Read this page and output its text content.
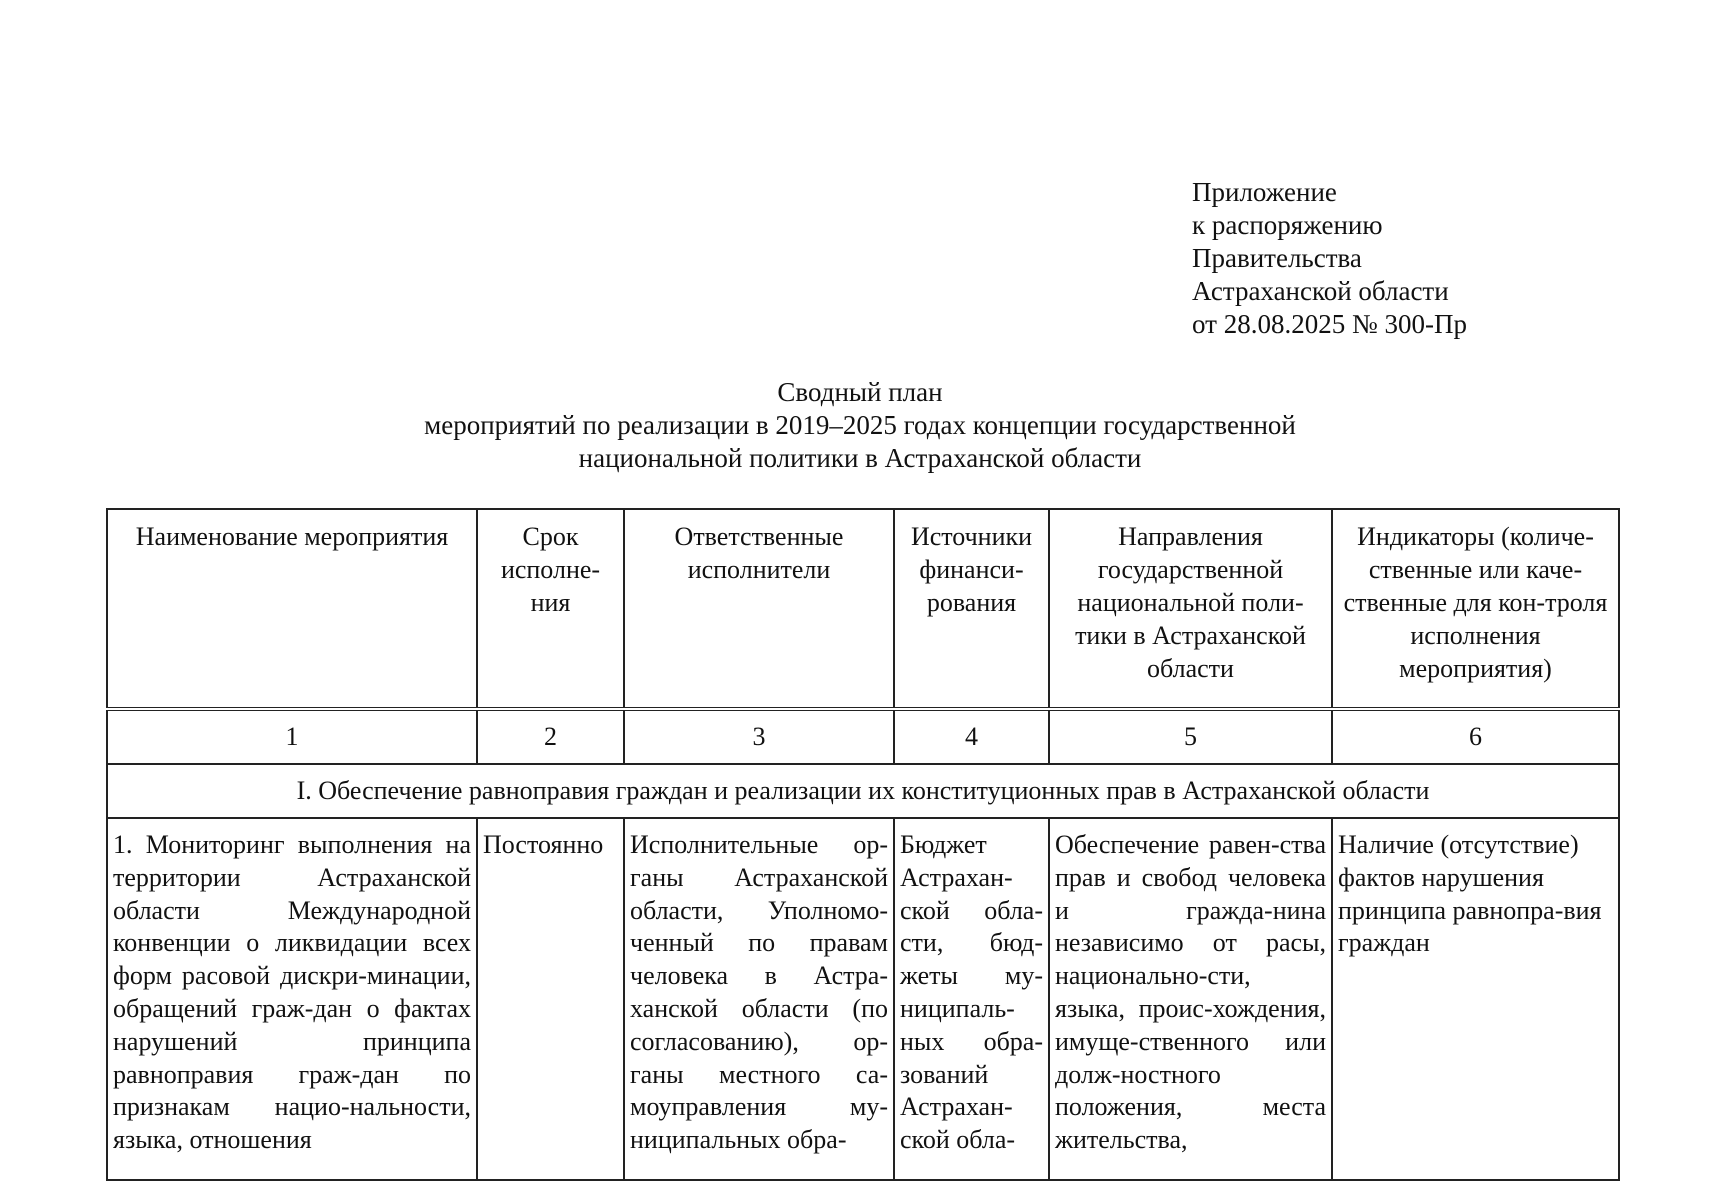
Приложение
к распоряжению
Правительства
Астраханской области
от 28.08.2025 № 300-Пр
Сводный план
мероприятий по реализации в 2019–2025 годах концепции государственной
национальной политики в Астраханской области
Наименование мероприятия	Срок исполне-ния	Ответственные исполнители	Источники финанси-рования	Направления государственной национальной поли-тики в Астраханской области	Индикаторы (количе-ственные или каче-ственные для кон-троля исполнения мероприятия)
1	2	3	4	5	6
I. Обеспечение равноправия граждан и реализации их конституционных прав в Астраханской области					
1. Мониторинг выполнения на территории Астраханской области Международной конвенции о ликвидации всех форм расовой дискри-минации, обращений граж-дан о фактах нарушений принципа равноправия граж-дан по признакам нацио-нальности, языка, отношения	Постоянно	Исполнительные ор-ганы Астраханской области, Уполномо-ченный по правам человека в Астра-ханской области (по согласованию), ор-ганы местного са-моуправления му-ниципальных обра-	Бюджет Астрахан-ской обла-сти, бюд-жеты му-ниципаль-ных обра-зований Астрахан-ской обла-	Обеспечение равен-ства прав и свобод человека и гражда-нина независимо от расы, национально-сти, языка, проис-хождения, имуще-ственного или долж-ностного положения, места жительства,	Наличие (отсутствие) фактов нарушения принципа равнопра-вия граждан
